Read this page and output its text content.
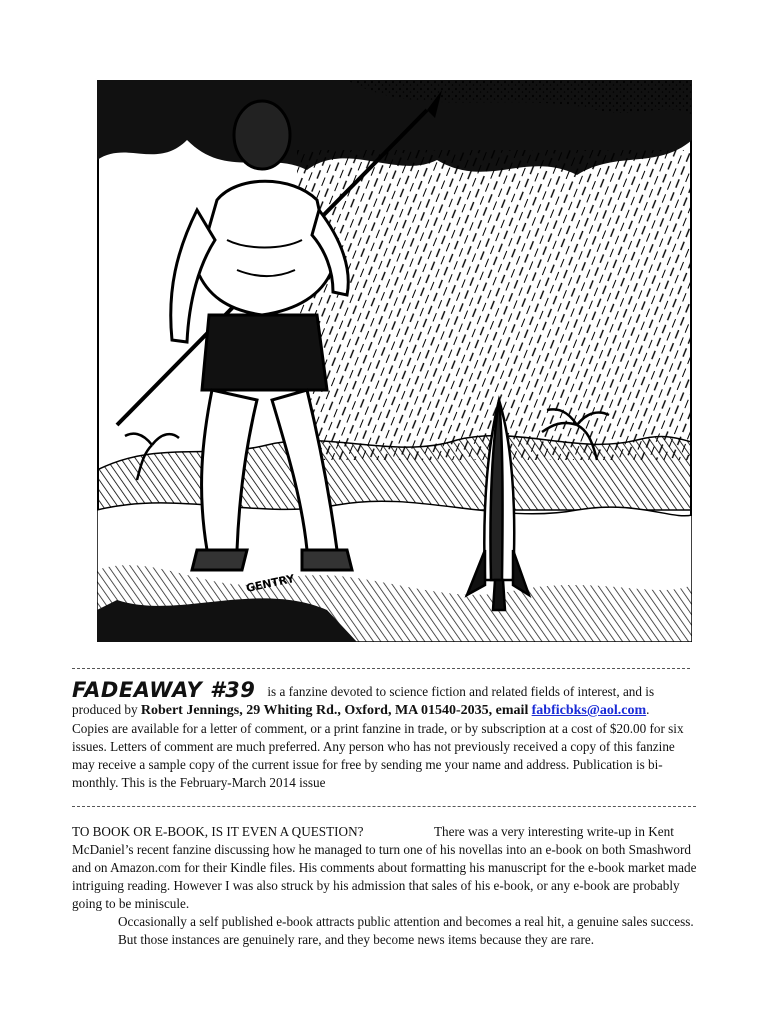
GENTRY

FADEAWAY #39 is a fanzine devoted to science fiction and related fields of interest, and is

produced by Robert Jennings, 29 Whiting Rd., Oxford, MA 01540-2035, email fabficbks@aol.com.

Copies are available for a letter of comment, or a print fanzine in trade, or by subscription at a cost of $20.00 for six issues. Letters of comment are much preferred. Any person who has not previously received a copy of this fanzine may receive a sample copy of the current issue for free by sending me your name and address. Publication is bi-monthly. This is the February-March 2014 issue

TO BOOK OR E-BOOK, IS IT EVEN A QUESTION?	There was a very interesting write-up in Kent McDaniel’s recent fanzine discussing how he managed to turn one of his novellas into an e-book on both Smashword and on Amazon.com for their Kindle files. His comments about formatting his manuscript for the e-book market made intriguing reading. However I was also struck by his admission that sales of his e-book, or any e-book are probably going to be miniscule.

Occasionally a self published e-book attracts public attention and becomes a real hit, a genuine sales success. But those instances are genuinely rare, and they become news items because they are rare.
